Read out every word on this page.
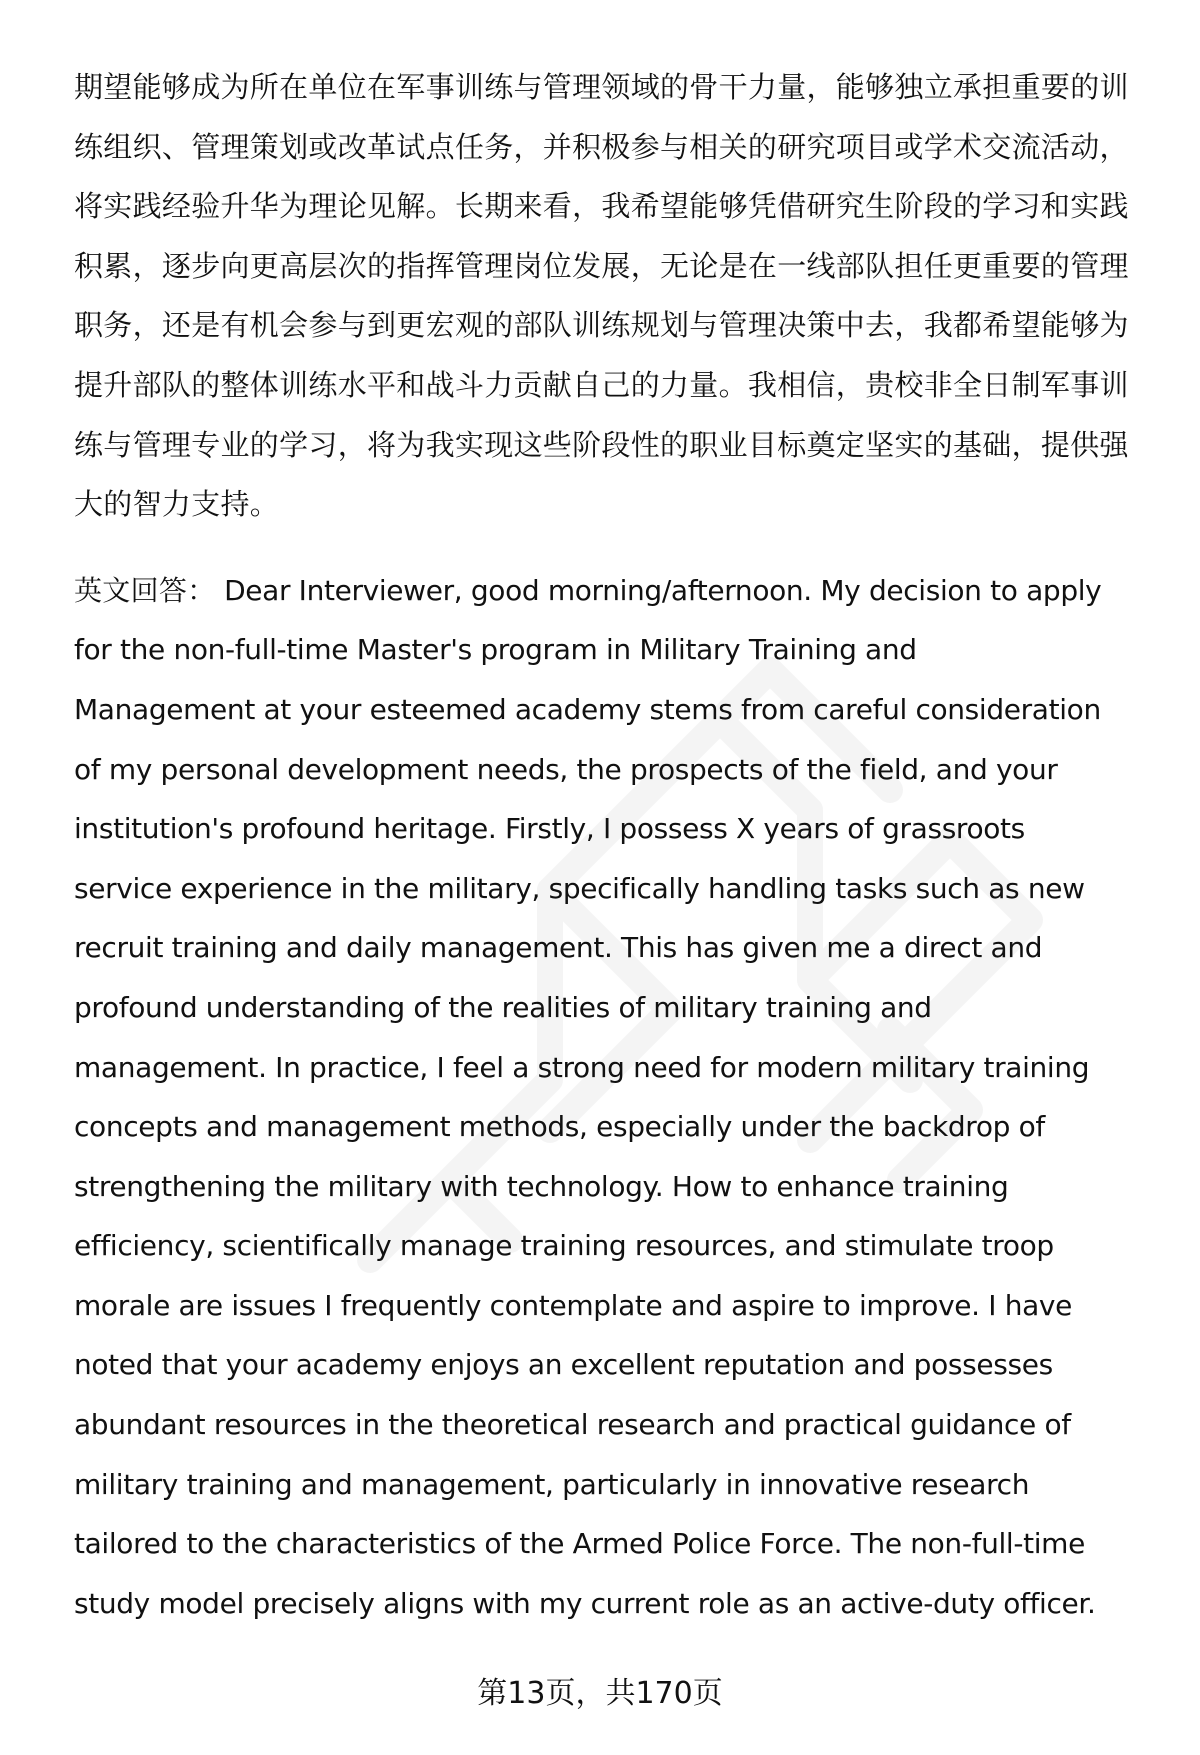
期望能够成为所在单位在军事训练与管理领域的骨干力量，能够独立承担重要的训
练组织、管理策划或改革试点任务，并积极参与相关的研究项目或学术交流活动，
将实践经验升华为理论见解。长期来看，我希望能够凭借研究生阶段的学习和实践
积累，逐步向更高层次的指挥管理岗位发展，无论是在一线部队担任更重要的管理
职务，还是有机会参与到更宏观的部队训练规划与管理决策中去，我都希望能够为
提升部队的整体训练水平和战斗力贡献自己的力量。我相信，贵校非全日制军事训
练与管理专业的学习，将为我实现这些阶段性的职业目标奠定坚实的基础，提供强
大的智力支持。
英文回答： Dear Interviewer, good morning/afternoon. My decision to apply
for the non-full-time Master's program in Military Training and
Management at your esteemed academy stems from careful consideration
of my personal development needs, the prospects of the field, and your
institution's profound heritage. Firstly, I possess X years of grassroots
service experience in the military, specifically handling tasks such as new
recruit training and daily management. This has given me a direct and
profound understanding of the realities of military training and
management. In practice, I feel a strong need for modern military training
concepts and management methods, especially under the backdrop of
strengthening the military with technology. How to enhance training
efficiency, scientifically manage training resources, and stimulate troop
morale are issues I frequently contemplate and aspire to improve. I have
noted that your academy enjoys an excellent reputation and possesses
abundant resources in the theoretical research and practical guidance of
military training and management, particularly in innovative research
tailored to the characteristics of the Armed Police Force. The non-full-time
study model precisely aligns with my current role as an active-duty officer.
第13页，共170页
